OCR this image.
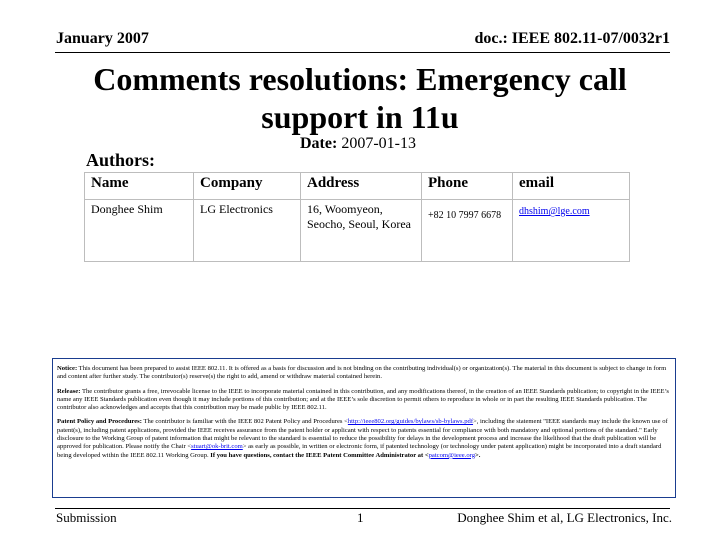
January 2007	doc.: IEEE 802.11-07/0032r1
Comments resolutions: Emergency call support in 11u
Date: 2007-01-13
Authors:
Name	Company	Address	Phone	email
Donghee Shim	LG Electronics	16, Woomyeon, Seocho, Seoul, Korea	+82 10 7997 6678	dhshim@lge.com

Notice: This document has been prepared to assist IEEE 802.11. It is offered as a basis for discussion and is not binding on the contributing individual(s) or organization(s). The material in this document is subject to change in form and content after further study. The contributor(s) reserve(s) the right to add, amend or withdraw material contained herein.

Release: The contributor grants a free, irrevocable license to the IEEE to incorporate material contained in this contribution, and any modifications thereof, in the creation of an IEEE Standards publication; to copyright in the IEEE’s name any IEEE Standards publication even though it may include portions of this contribution; and at the IEEE’s sole discretion to permit others to reproduce in whole or in part the resulting IEEE Standards publication. The contributor also acknowledges and accepts that this contribution may be made public by IEEE 802.11.

Patent Policy and Procedures: The contributor is familiar with the IEEE 802 Patent Policy and Procedures <http://ieee802.org/guides/bylaws/sb-bylaws.pdf>, including the statement "IEEE standards may include the known use of patent(s), including patent applications, provided the IEEE receives assurance from the patent holder or applicant with respect to patents essential for compliance with both mandatory and optional portions of the standard." Early disclosure to the Working Group of patent information that might be relevant to the standard is essential to reduce the possibility for delays in the development process and increase the likelihood that the draft publication will be approved for publication. Please notify the Chair <stuart@ok-brit.com> as early as possible, in written or electronic form, if patented technology (or technology under patent application) might be incorporated into a draft standard being developed within the IEEE 802.11 Working Group. If you have questions, contact the IEEE Patent Committee Administrator at <patcom@ieee.org>.

Submission	1	Donghee Shim et al, LG Electronics, Inc.
